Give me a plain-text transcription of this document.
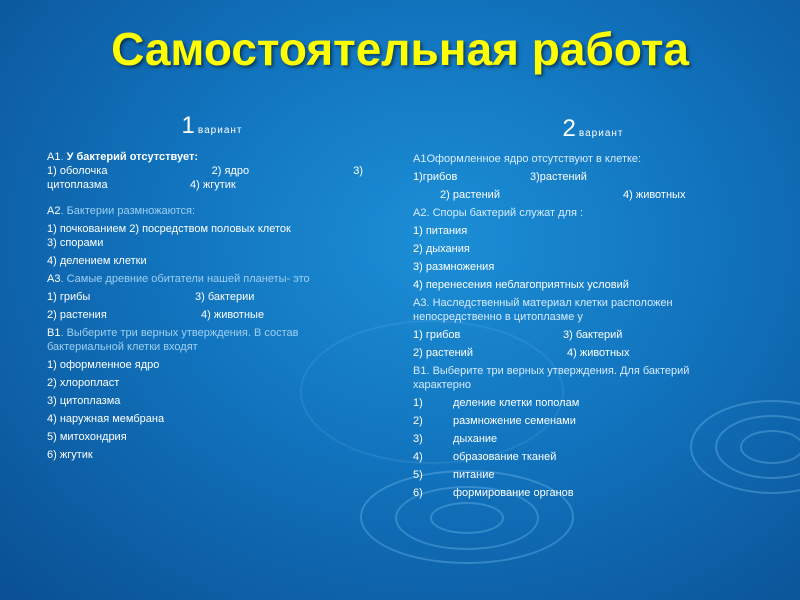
Самостоятельная работа
1 вариант
А1. У бактерий отсутствует:
1) оболочка	2) ядро	3)
цитоплазма	4) жгутик
А2. Бактерии размножаются:
1) почкованием 2) посредством половых клеток
3) спорами
4) делением клетки
А3. Самые древние обитатели нашей планеты- это
1) грибы	3) бактерии
2) растения	4) животные
В1. Выберите три верных утверждения. В состав
бактериальной клетки входят
1) оформленное ядро
2) хлоропласт
3) цитоплазма
4) наружная мембрана
5) митохондрия
6) жгутик
2 вариант
А1Оформленное ядро отсутствуют в клетке:
1)грибов	3)растений
2) растений	4) животных
А2. Споры бактерий служат для :
1) питания
2) дыхания
3) размножения
4) перенесения неблагоприятных условий
А3. Наследственный материал клетки расположен
непосредственно в цитоплазме у
1) грибов	3) бактерий
2) растений	4) животных
В1. Выберите три верных утверждения. Для бактерий
характерно
1)	деление клетки пополам
2)	размножение семенами
3)	дыхание
4)	образование тканей
5)	питание
6)	формирование органов
